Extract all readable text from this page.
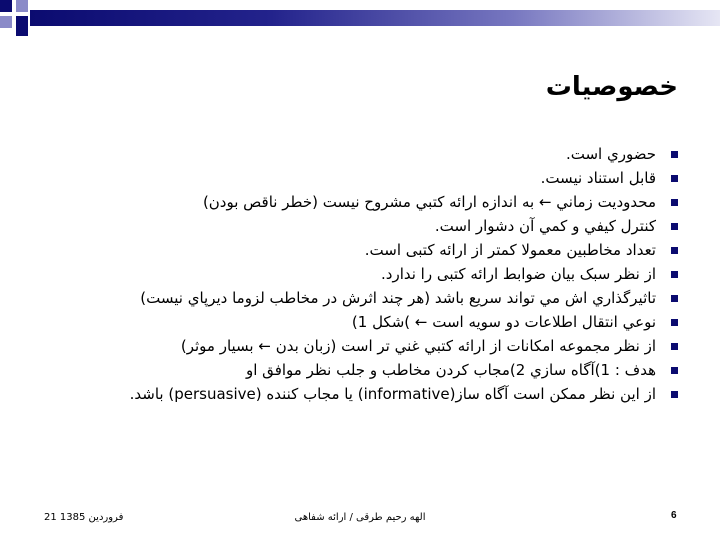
خصوصيات
حضوري است.
قابل استناد نيست.
محدوديت زماني ← به اندازه ارائه كتبي مشروح نيست (خطر ناقص بودن)
كنترل كيفي و كمي آن دشوار است.
تعداد مخاطبين معمولا كمتر از ارائه كتبی است.
از نظر سبک بيان ضوابط ارائه كتبی را ندارد.
تاثيرگذاري اش مي تواند سريع باشد (هر چند اثرش در مخاطب لزوما ديرپاي نيست)
نوعي انتقال اطلاعات دو سويه است ← )شكل 1)
از نظر مجموعه امكانات از ارائه كتبي غني تر است (زبان بدن ← بسيار موثر)
هدف : 1)آگاه سازي 2)مجاب كردن مخاطب و جلب نظر موافق او
از اين نظر ممكن است آگاه ساز(informative) يا مجاب كننده (persuasive) باشد.
6
الهه رحیم طرقی / ارائه شفاهی
فروردين 1385 21
